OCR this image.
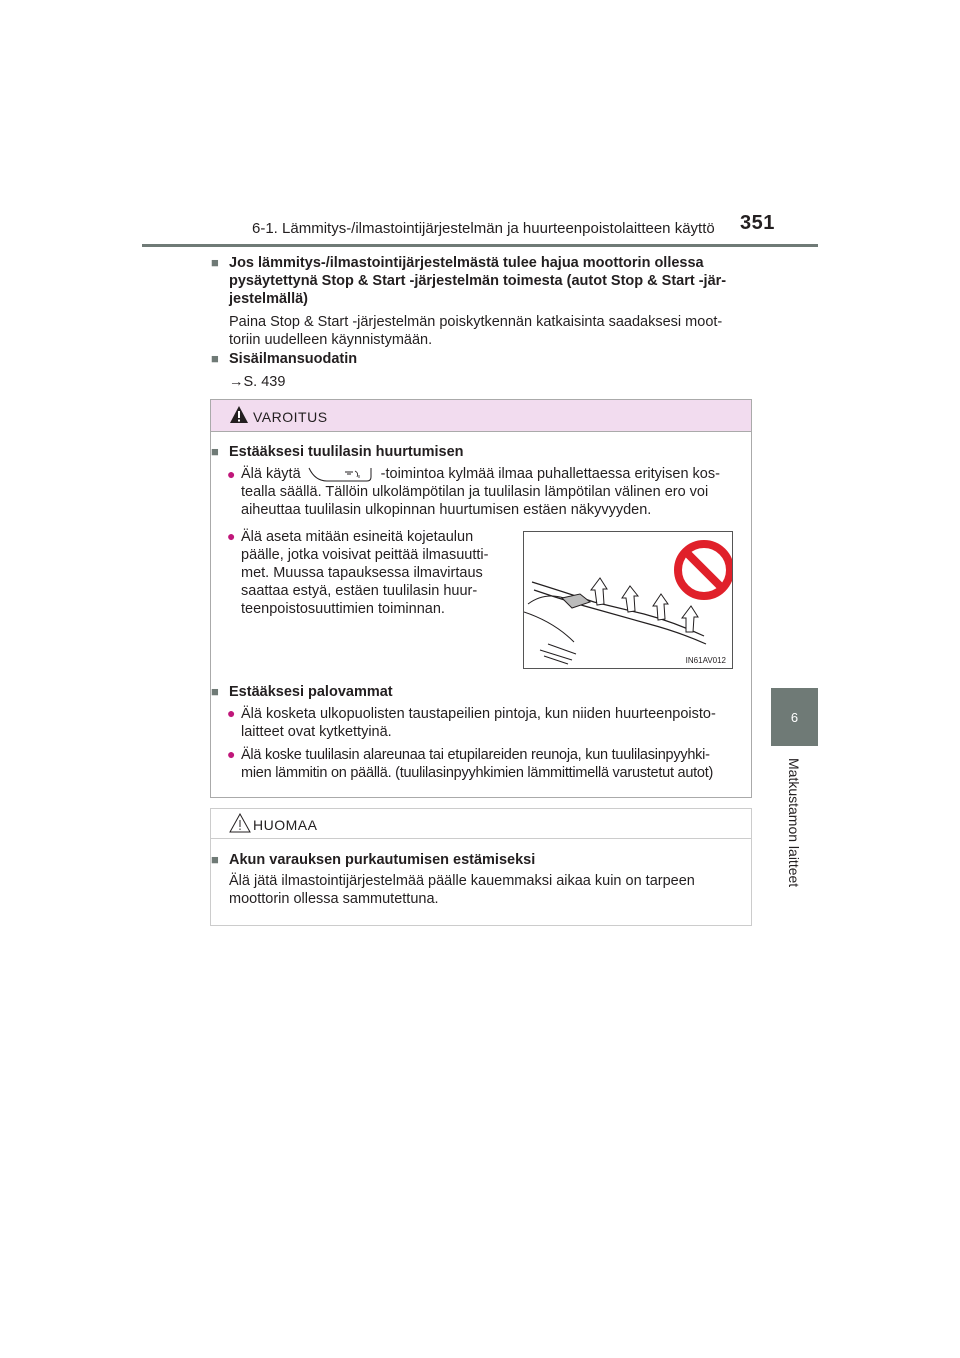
6-1. Lämmitys-/ilmastointijärjestelmän ja huurteenpoistolaitteen käyttö 351
6
Matkustamon laitteet
■ Jos lämmitys-/ilmastointijärjestelmästä tulee hajua moottorin ollessa
pysäytettynä Stop & Start -järjestelmän toimesta (autot Stop & Start -jär-
jestelmällä)
Paina Stop & Start -järjestelmän poiskytkennän katkaisinta saadaksesi moot-
toriin uudelleen käynnistymään.
■ Sisäilmansuodatin
→S. 439
VAROITUS
■ Estääksesi tuulilasin huurtumisen
● Älä käytä	-toimintoa kylmää ilmaa puhallettaessa erityisen kos-
tealla säällä. Tällöin ulkolämpötilan ja tuulilasin lämpötilan välinen ero voi
aiheuttaa tuulilasin ulkopinnan huurtumisen estäen näkyvyyden.
● Älä aseta mitään esineitä kojetaulun
päälle, jotka voisivat peittää ilmasuutti-
met. Muussa tapauksessa ilmavirtaus
saattaa estyä, estäen tuulilasin huur-
teenpoistosuuttimien toiminnan.
IN61AV012
■ Estääksesi palovammat
● Älä kosketa ulkopuolisten taustapeilien pintoja, kun niiden huurteenpoisto-
laitteet ovat kytkettyinä.
● Älä koske tuulilasin alareunaa tai etupilareiden reunoja, kun tuulilasinpyyhki-
mien lämmitin on päällä. (tuulilasinpyyhkimien lämmittimellä varustetut autot)
HUOMAA
■ Akun varauksen purkautumisen estämiseksi
Älä jätä ilmastointijärjestelmää päälle kauemmaksi aikaa kuin on tarpeen
moottorin ollessa sammutettuna.
